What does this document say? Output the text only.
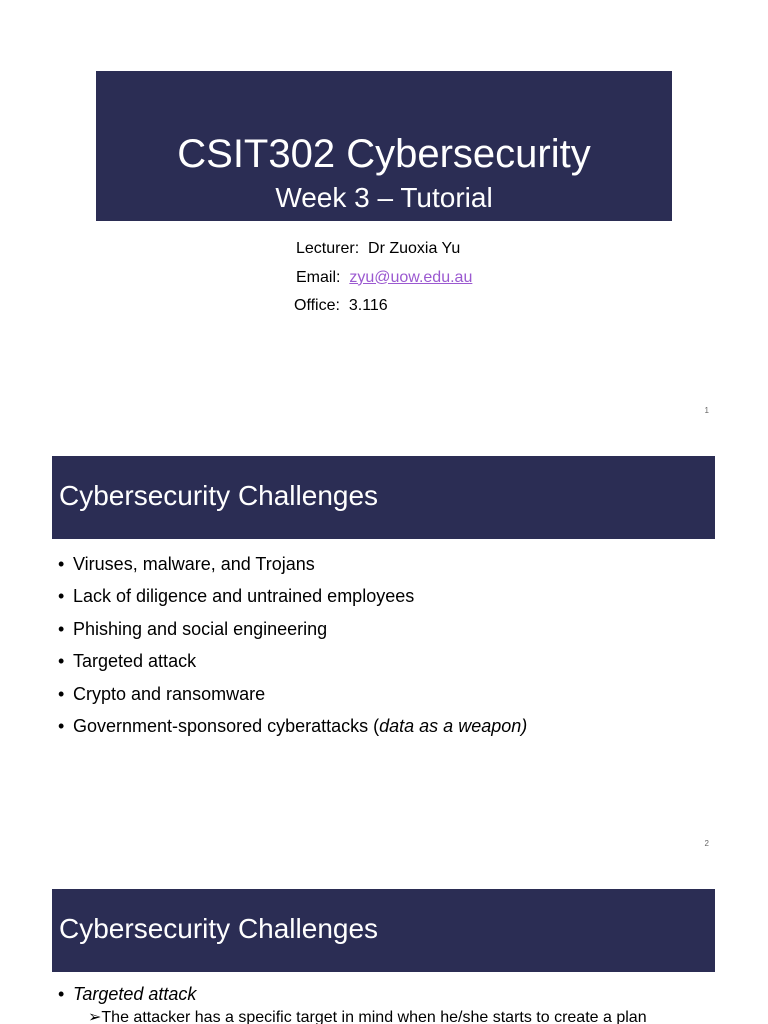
CSIT302 Cybersecurity
Week 3 – Tutorial
Lecturer: Dr Zuoxia Yu
Email: zyu@uow.edu.au
Office: 3.116
1
Cybersecurity Challenges
• Viruses, malware, and Trojans
• Lack of diligence and untrained employees
• Phishing and social engineering
• Targeted attack
• Crypto and ransomware
• Government-sponsored cyberattacks (data as a weapon)
2
Cybersecurity Challenges
• Targeted attack
➢The attacker has a specific target in mind when he/she starts to create a plan
